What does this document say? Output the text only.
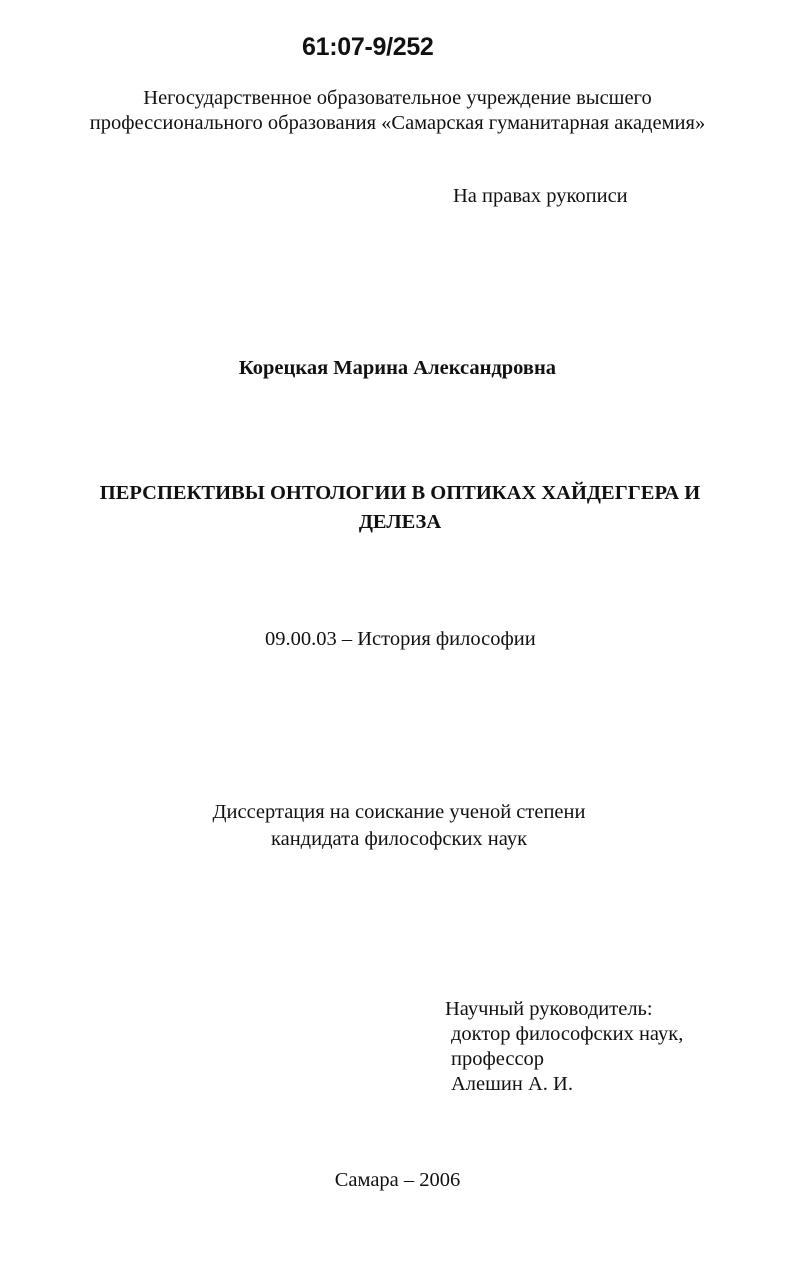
61:07-9/252
Негосударственное образовательное учреждение высшего
профессионального образования «Самарская гуманитарная академия»
На правах рукописи
Корецкая Марина Александровна
ПЕРСПЕКТИВЫ ОНТОЛОГИИ В ОПТИКАХ ХАЙДЕГГЕРА И
ДЕЛЕЗА
09.00.03 – История философии
Диссертация на соискание ученой степени
кандидата философских наук
Научный руководитель:
доктор философских наук,
профессор
Алешин А. И.
Самара – 2006
